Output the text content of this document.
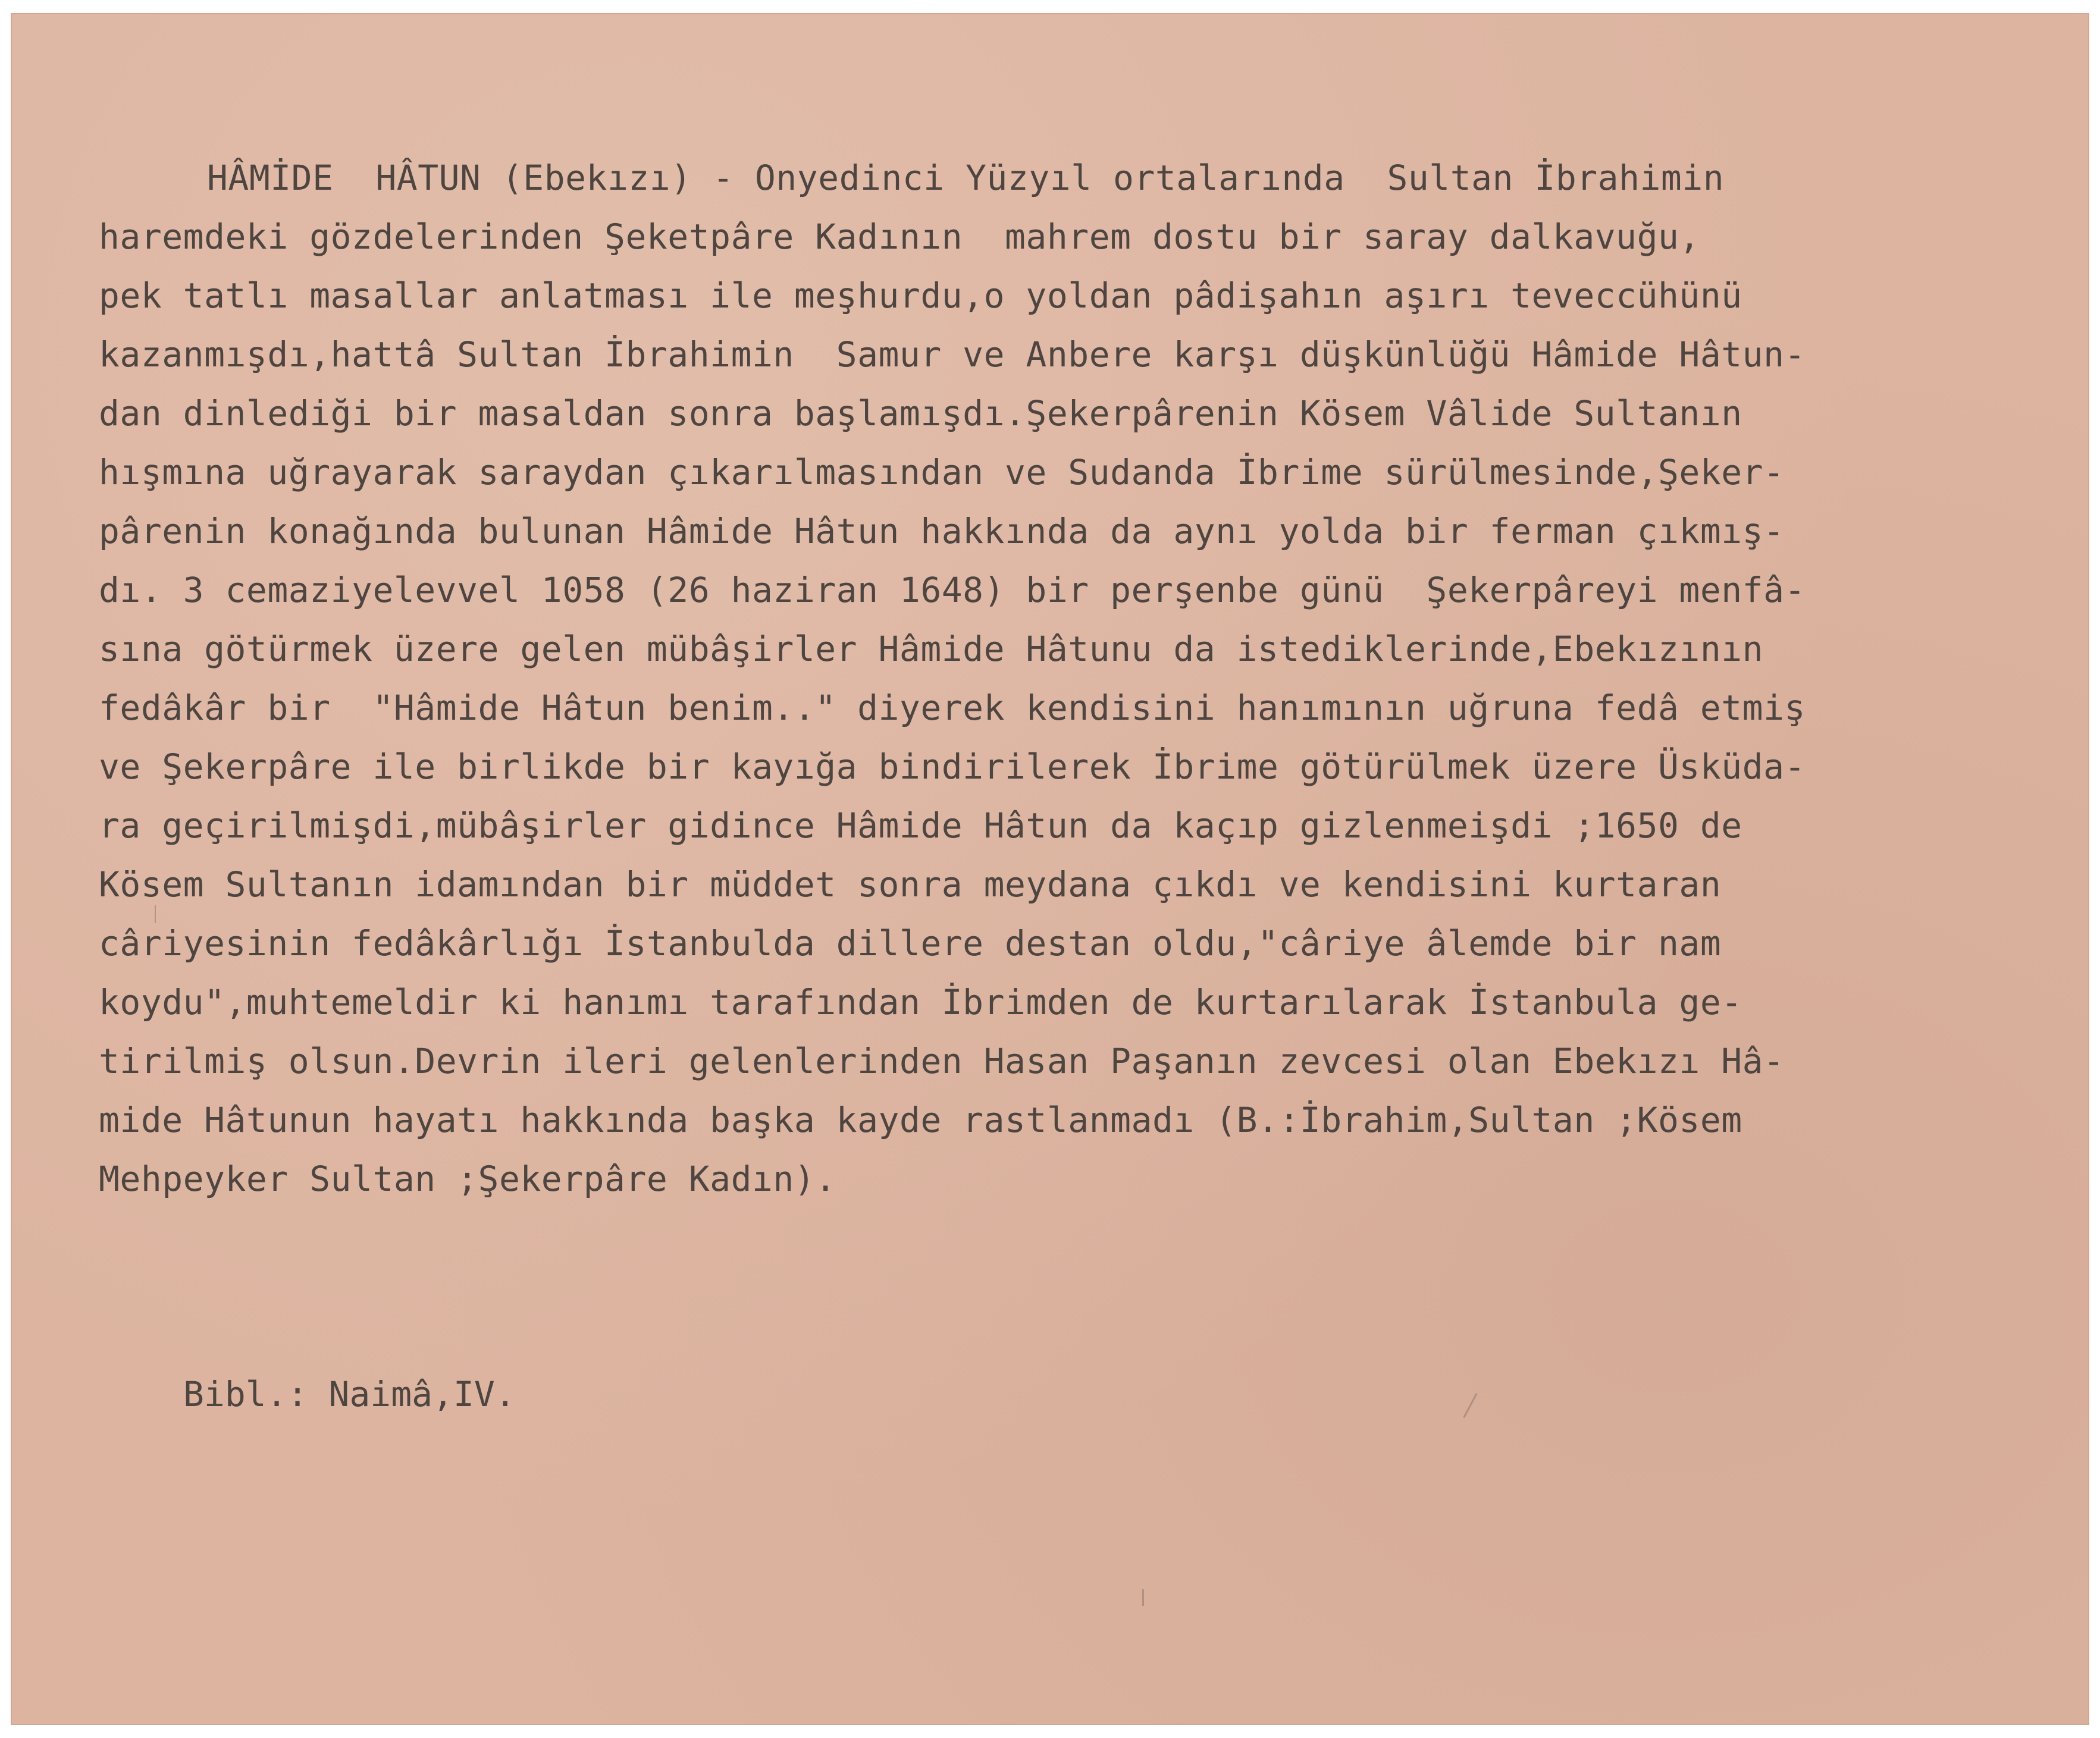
HÂMİDE  HÂTUN (Ebekızı) - Onyedinci Yüzyıl ortalarında  Sultan İbrahimin
haremdeki gözdelerinden Şeketpâre Kadının  mahrem dostu bir saray dalkavuğu,
pek tatlı masallar anlatması ile meşhurdu,o yoldan pâdişahın aşırı teveccühünü
kazanmışdı,hattâ Sultan İbrahimin  Samur ve Anbere karşı düşkünlüğü Hâmide Hâtun-
dan dinlediği bir masaldan sonra başlamışdı.Şekerpârenin Kösem Vâlide Sultanın
hışmına uğrayarak saraydan çıkarılmasından ve Sudanda İbrime sürülmesinde,Şeker-
pârenin konağında bulunan Hâmide Hâtun hakkında da aynı yolda bir ferman çıkmış-
dı. 3 cemaziyelevvel 1058 (26 haziran 1648) bir perşenbe günü  Şekerpâreyi menfâ-
sına götürmek üzere gelen mübâşirler Hâmide Hâtunu da istediklerinde,Ebekızının
fedâkâr bir  "Hâmide Hâtun benim.." diyerek kendisini hanımının uğruna fedâ etmiş
ve Şekerpâre ile birlikde bir kayığa bindirilerek İbrime götürülmek üzere Üsküda-
ra geçirilmişdi,mübâşirler gidince Hâmide Hâtun da kaçıp gizlenmeişdi ;1650 de
Kösem Sultanın idamından bir müddet sonra meydana çıkdı ve kendisini kurtaran
câriyesinin fedâkârlığı İstanbulda dillere destan oldu,"câriye âlemde bir nam
koydu",muhtemeldir ki hanımı tarafından İbrimden de kurtarılarak İstanbula ge-
tirilmiş olsun.Devrin ileri gelenlerinden Hasan Paşanın zevcesi olan Ebekızı Hâ-
mide Hâtunun hayatı hakkında başka kayde rastlanmadı (B.:İbrahim,Sultan ;Kösem
Mehpeyker Sultan ;Şekerpâre Kadın).
Bibl.: Naimâ,IV.
